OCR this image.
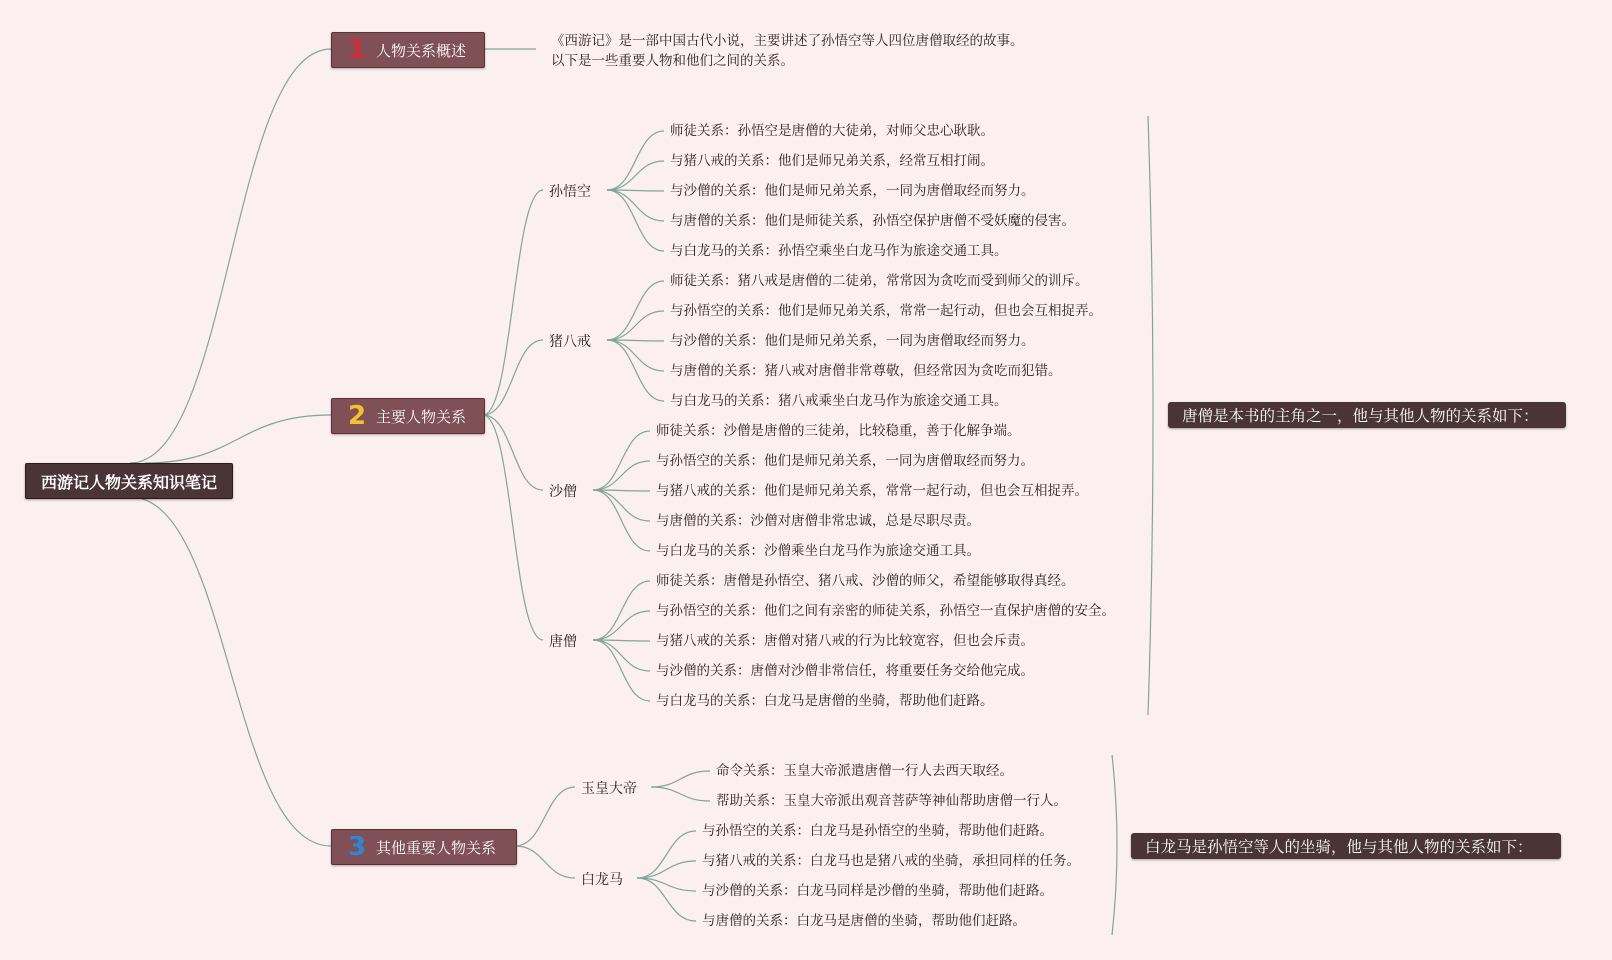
西游记人物关系知识笔记
1 人物关系概述
《西游记》是一部中国古代小说，主要讲述了孙悟空等人四位唐僧取经的故事。
以下是一些重要人物和他们之间的关系。
2 主要人物关系
孙悟空
猪八戒
沙僧
唐僧
师徒关系：孙悟空是唐僧的大徒弟，对师父忠心耿耿。
与猪八戒的关系：他们是师兄弟关系，经常互相打闹。
与沙僧的关系：他们是师兄弟关系，一同为唐僧取经而努力。
与唐僧的关系：他们是师徒关系，孙悟空保护唐僧不受妖魔的侵害。
与白龙马的关系：孙悟空乘坐白龙马作为旅途交通工具。
师徒关系：猪八戒是唐僧的二徒弟，常常因为贪吃而受到师父的训斥。
与孙悟空的关系：他们是师兄弟关系，常常一起行动，但也会互相捉弄。
与沙僧的关系：他们是师兄弟关系，一同为唐僧取经而努力。
与唐僧的关系：猪八戒对唐僧非常尊敬，但经常因为贪吃而犯错。
与白龙马的关系：猪八戒乘坐白龙马作为旅途交通工具。
师徒关系：沙僧是唐僧的三徒弟，比较稳重，善于化解争端。
与孙悟空的关系：他们是师兄弟关系，一同为唐僧取经而努力。
与猪八戒的关系：他们是师兄弟关系，常常一起行动，但也会互相捉弄。
与唐僧的关系：沙僧对唐僧非常忠诚，总是尽职尽责。
与白龙马的关系：沙僧乘坐白龙马作为旅途交通工具。
师徒关系：唐僧是孙悟空、猪八戒、沙僧的师父，希望能够取得真经。
与孙悟空的关系：他们之间有亲密的师徒关系，孙悟空一直保护唐僧的安全。
与猪八戒的关系：唐僧对猪八戒的行为比较宽容，但也会斥责。
与沙僧的关系：唐僧对沙僧非常信任，将重要任务交给他完成。
与白龙马的关系：白龙马是唐僧的坐骑，帮助他们赶路。
唐僧是本书的主角之一，他与其他人物的关系如下：
3 其他重要人物关系
玉皇大帝
白龙马
命令关系：玉皇大帝派遣唐僧一行人去西天取经。
帮助关系：玉皇大帝派出观音菩萨等神仙帮助唐僧一行人。
与孙悟空的关系：白龙马是孙悟空的坐骑，帮助他们赶路。
与猪八戒的关系：白龙马也是猪八戒的坐骑，承担同样的任务。
与沙僧的关系：白龙马同样是沙僧的坐骑，帮助他们赶路。
与唐僧的关系：白龙马是唐僧的坐骑，帮助他们赶路。
白龙马是孙悟空等人的坐骑，他与其他人物的关系如下：
